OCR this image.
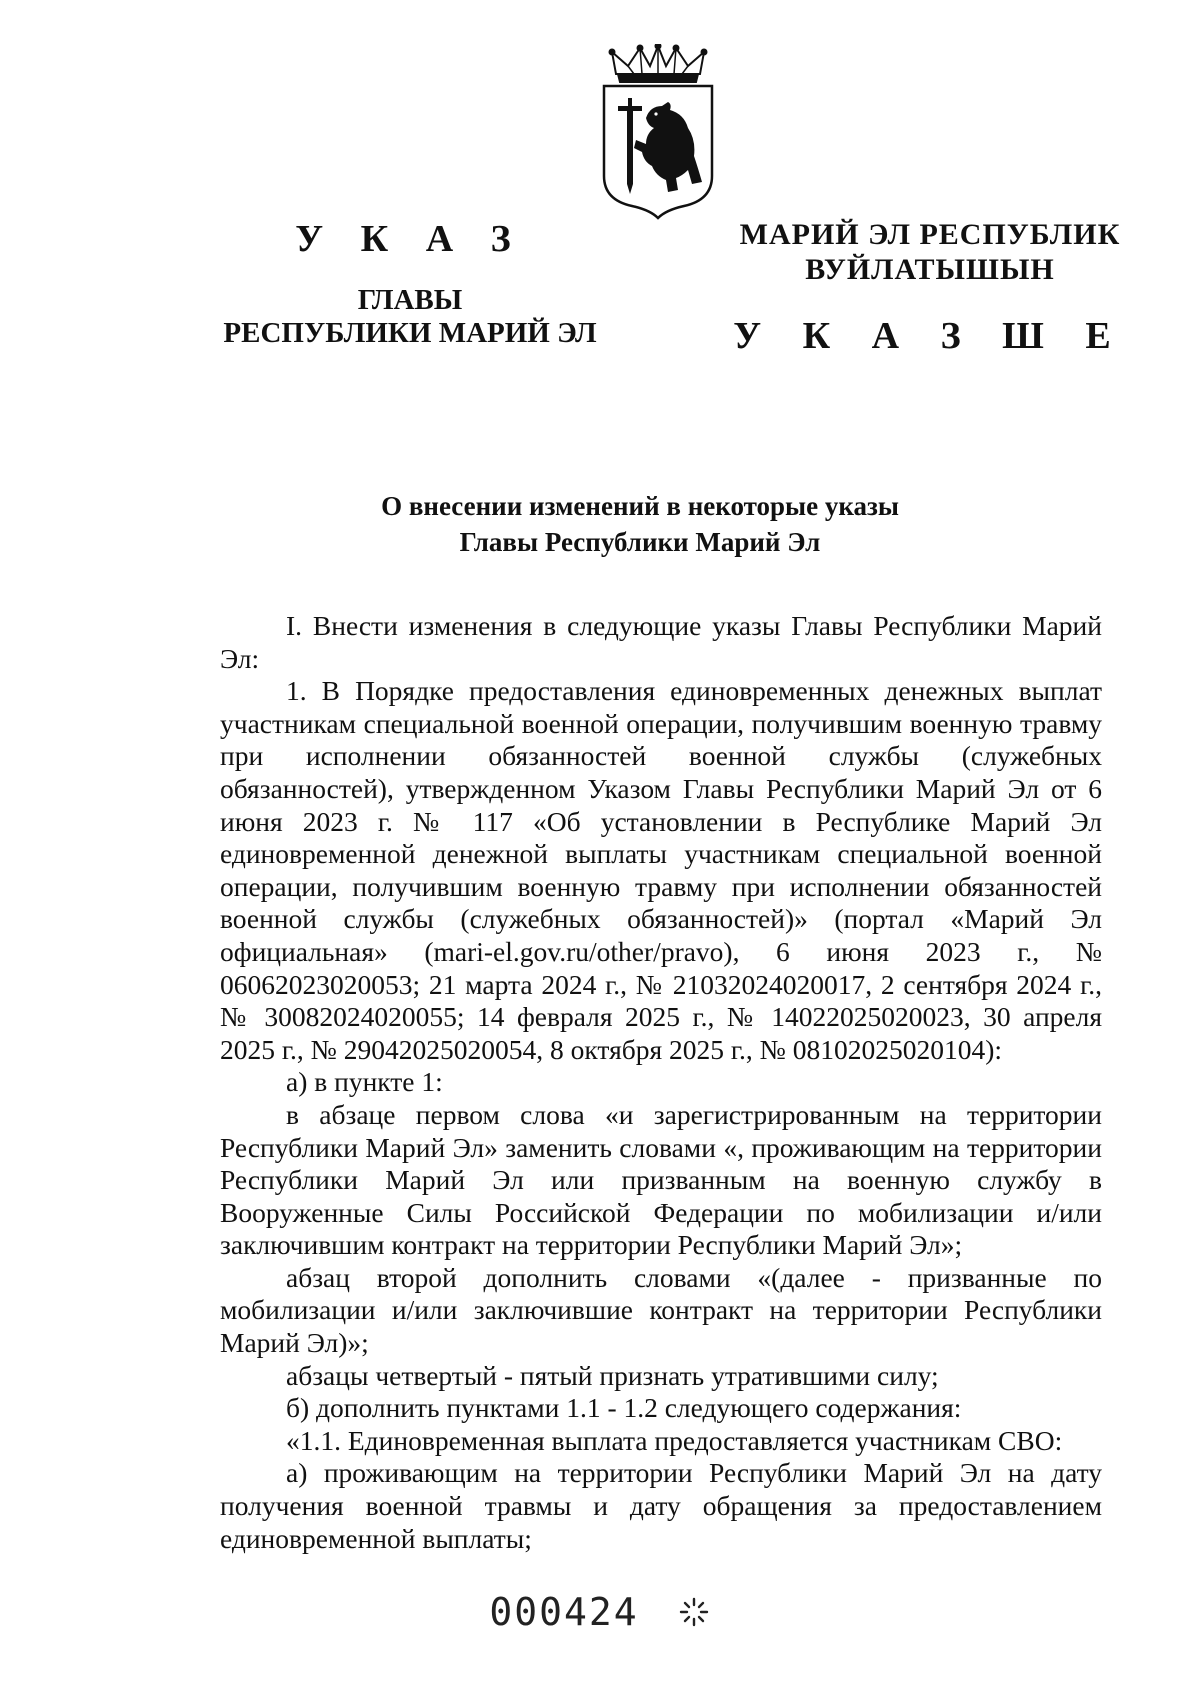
У К А З
ГЛАВЫ
РЕСПУБЛИКИ МАРИЙ ЭЛ
МАРИЙ ЭЛ РЕСПУБЛИК
ВУЙЛАТЫШЫН
У К А З Ш Е
О внесении изменений в некоторые указы
Главы Республики Марий Эл

I. Внести изменения в следующие указы Главы Республики Марий Эл:

1. В Порядке предоставления единовременных денежных выплат участникам специальной военной операции, получившим военную травму при исполнении обязанностей военной службы (служебных обязанностей), утвержденном Указом Главы Республики Марий Эл от 6 июня 2023 г. № 117 «Об установлении в Республике Марий Эл единовременной денежной выплаты участникам специальной военной операции, получившим военную травму при исполнении обязанностей военной службы (служебных обязанностей)» (портал «Марий Эл официальная» (mari-el.gov.ru/other/pravo), 6 июня 2023 г., № 06062023020053; 21 марта 2024 г., № 21032024020017, 2 сентября 2024 г., № 30082024020055; 14 февраля 2025 г., № 14022025020023, 30 апреля 2025 г., № 29042025020054, 8 октября 2025 г., № 08102025020104):

а) в пункте 1:

в абзаце первом слова «и зарегистрированным на территории Республики Марий Эл» заменить словами «, проживающим на территории Республики Марий Эл или призванным на военную службу в Вооруженные Силы Российской Федерации по мобилизации и/или заключившим контракт на территории Республики Марий Эл»;

абзац второй дополнить словами «(далее - призванные по мобилизации и/или заключившие контракт на территории Республики Марий Эл)»;

абзацы четвертый - пятый признать утратившими силу;

б) дополнить пунктами 1.1 - 1.2 следующего содержания:

«1.1. Единовременная выплата предоставляется участникам СВО:

а) проживающим на территории Республики Марий Эл на дату получения военной травмы и дату обращения за предоставлением единовременной выплаты;

000424
